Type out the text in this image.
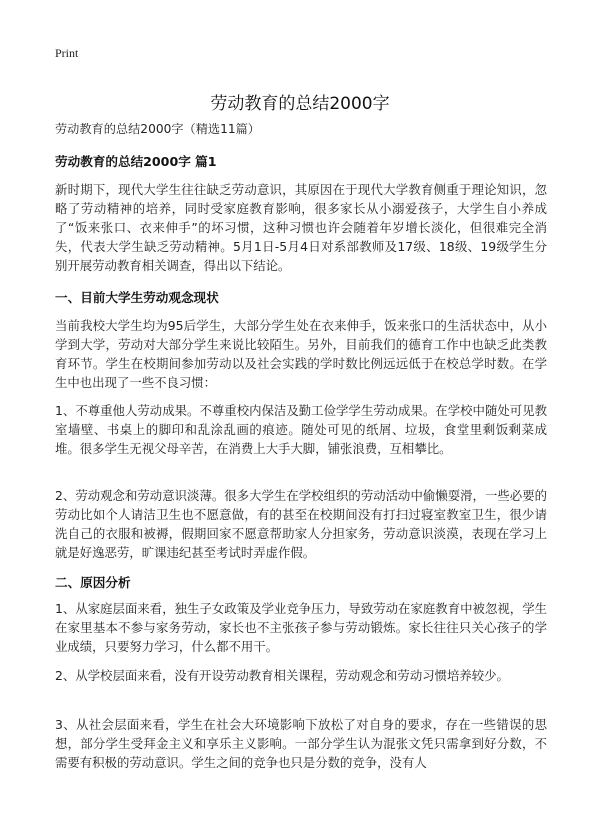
Print
劳动教育的总结2000字
劳动教育的总结2000字（精选11篇）
劳动教育的总结2000字 篇1

新时期下，现代大学生往往缺乏劳动意识，其原因在于现代大学教育侧重于理论知识，忽略了劳动精神的培养，同时受家庭教育影响，很多家长从小溺爱孩子，大学生自小养成了“饭来张口、衣来伸手”的坏习惯，这种习惯也许会随着年岁增长淡化，但很难完全消失，代表大学生缺乏劳动精神。5月1日-5月4日对系部教师及17级、18级、19级学生分别开展劳动教育相关调查，得出以下结论。

一、目前大学生劳动观念现状

当前我校大学生均为95后学生，大部分学生处在衣来伸手，饭来张口的生活状态中，从小学到大学，劳动对大部分学生来说比较陌生。另外，目前我们的德育工作中也缺乏此类教育环节。学生在校期间参加劳动以及社会实践的学时数比例远远低于在校总学时数。在学生中也出现了一些不良习惯：

1、不尊重他人劳动成果。不尊重校内保洁及勤工俭学学生劳动成果。在学校中随处可见教室墙壁、书桌上的脚印和乱涂乱画的痕迹。随处可见的纸屑、垃圾，食堂里剩饭剩菜成堆。很多学生无视父母辛苦，在消费上大手大脚，铺张浪费，互相攀比。

2、劳动观念和劳动意识淡薄。很多大学生在学校组织的劳动活动中偷懒耍滑，一些必要的劳动比如个人请洁卫生也不愿意做，有的甚至在校期间没有打扫过寝室教室卫生，很少请洗自己的衣服和被褥，假期回家不愿意帮助家人分担家务，劳动意识淡漠，表现在学习上就是好逸恶劳，旷课违纪甚至考试时弄虚作假。

二、原因分析

1、从家庭层面来看，独生子女政策及学业竞争压力，导致劳动在家庭教育中被忽视，学生在家里基本不参与家务劳动，家长也不主张孩子参与劳动锻炼。家长往往只关心孩子的学业成绩，只要努力学习，什么都不用干。

2、从学校层面来看，没有开设劳动教育相关课程，劳动观念和劳动习惯培养较少。

3、从社会层面来看，学生在社会大环境影响下放松了对自身的要求，存在一些错误的思想，部分学生受拜金主义和享乐主义影响。一部分学生认为混张文凭只需拿到好分数，不需要有积极的劳动意识。学生之间的竞争也只是分数的竞争，没有人
